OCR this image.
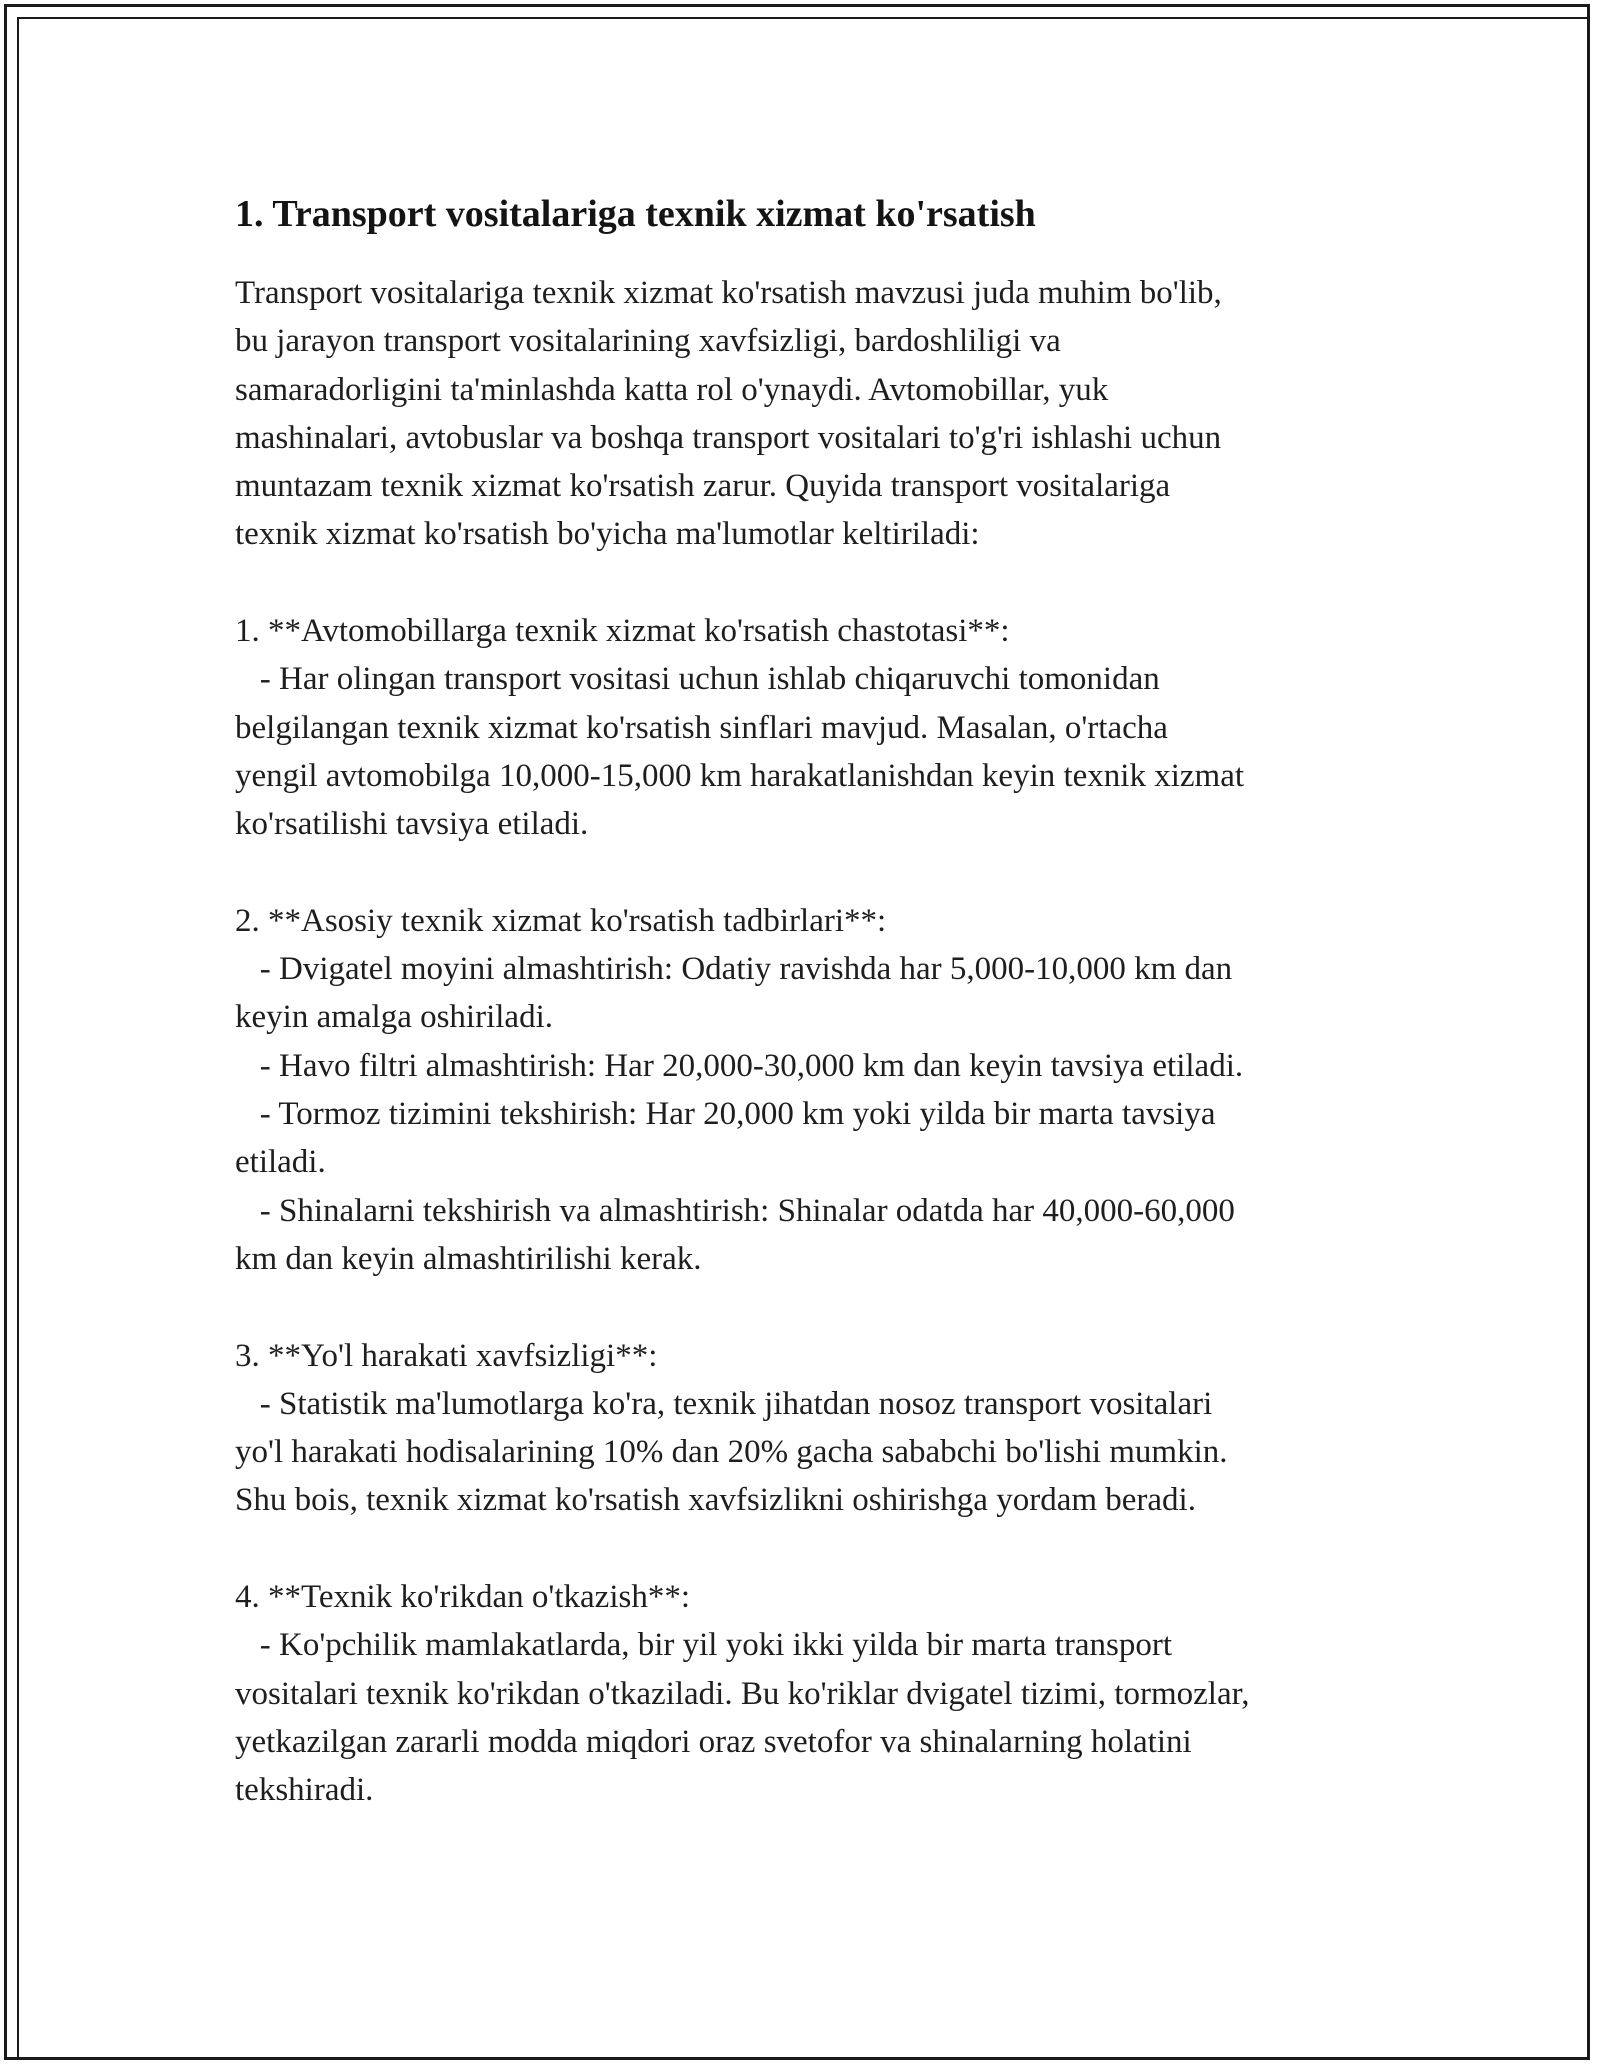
1. Transport vositalariga texnik xizmat ko'rsatish

Transport vositalariga texnik xizmat ko'rsatish mavzusi juda muhim bo'lib,
bu jarayon transport vositalarining xavfsizligi, bardoshliligi va
samaradorligini ta'minlashda katta rol o'ynaydi. Avtomobillar, yuk
mashinalari, avtobuslar va boshqa transport vositalari to'g'ri ishlashi uchun
muntazam texnik xizmat ko'rsatish zarur. Quyida transport vositalariga
texnik xizmat ko'rsatish bo'yicha ma'lumotlar keltiriladi:

1. **Avtomobillarga texnik xizmat ko'rsatish chastotasi**:
- Har olingan transport vositasi uchun ishlab chiqaruvchi tomonidan
belgilangan texnik xizmat ko'rsatish sinflari mavjud. Masalan, o'rtacha
yengil avtomobilga 10,000-15,000 km harakatlanishdan keyin texnik xizmat
ko'rsatilishi tavsiya etiladi.

2. **Asosiy texnik xizmat ko'rsatish tadbirlari**:
- Dvigatel moyini almashtirish: Odatiy ravishda har 5,000-10,000 km dan
keyin amalga oshiriladi.
- Havo filtri almashtirish: Har 20,000-30,000 km dan keyin tavsiya etiladi.
- Tormoz tizimini tekshirish: Har 20,000 km yoki yilda bir marta tavsiya
etiladi.
- Shinalarni tekshirish va almashtirish: Shinalar odatda har 40,000-60,000
km dan keyin almashtirilishi kerak.

3. **Yo'l harakati xavfsizligi**:
- Statistik ma'lumotlarga ko'ra, texnik jihatdan nosoz transport vositalari
yo'l harakati hodisalarining 10% dan 20% gacha sababchi bo'lishi mumkin.
Shu bois, texnik xizmat ko'rsatish xavfsizlikni oshirishga yordam beradi.

4. **Texnik ko'rikdan o'tkazish**:
- Ko'pchilik mamlakatlarda, bir yil yoki ikki yilda bir marta transport
vositalari texnik ko'rikdan o'tkaziladi. Bu ko'riklar dvigatel tizimi, tormozlar,
yetkazilgan zararli modda miqdori oraz svetofor va shinalarning holatini
tekshiradi.
